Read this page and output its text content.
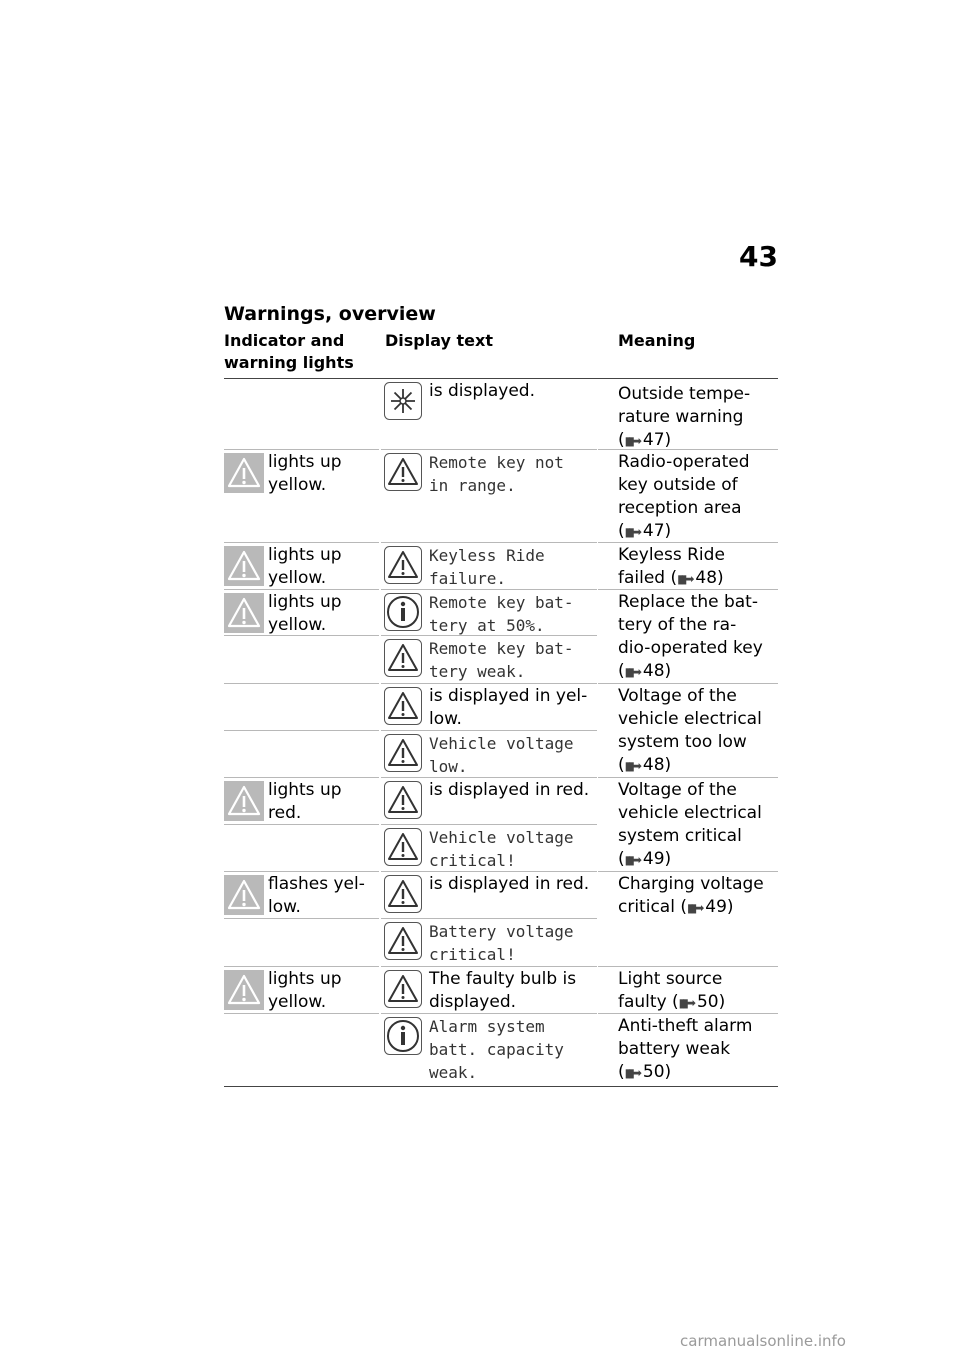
43
Warnings, overview
Indicator and
warning lights
Display text	Meaning
is displayed.	Outside tempe-
rature warning
(▮▮➡ 47)
lights up
yellow.
Remote key not
in range.
Radio-operated
key outside of
reception area
(▮▮➡ 47)
lights up
yellow.
Keyless Ride
failure.
Keyless Ride
failed (▮▮➡ 48)
lights up
yellow.
Remote key bat-
tery at 50%.
Replace the bat-
tery of the ra-
dio-operated key
(▮▮➡ 48)
Remote key bat-
tery weak.
is displayed in yel-
low.
Voltage of the
vehicle electrical
system too low
(▮▮➡ 48)
Vehicle voltage
low.
lights up
red.
is displayed in red. Voltage of the
vehicle electrical
system critical
(▮▮➡ 49)
Vehicle voltage
critical!
flashes yel-
low.
is displayed in red. Charging voltage
critical (▮▮➡ 49)
Battery voltage
critical!
lights up
yellow.
The faulty bulb is
displayed.
Light source
faulty (▮▮➡ 50)
Alarm system
batt. capacity
weak.
Anti-theft alarm
battery weak
(▮▮➡ 50)
carmanualsonline.info
